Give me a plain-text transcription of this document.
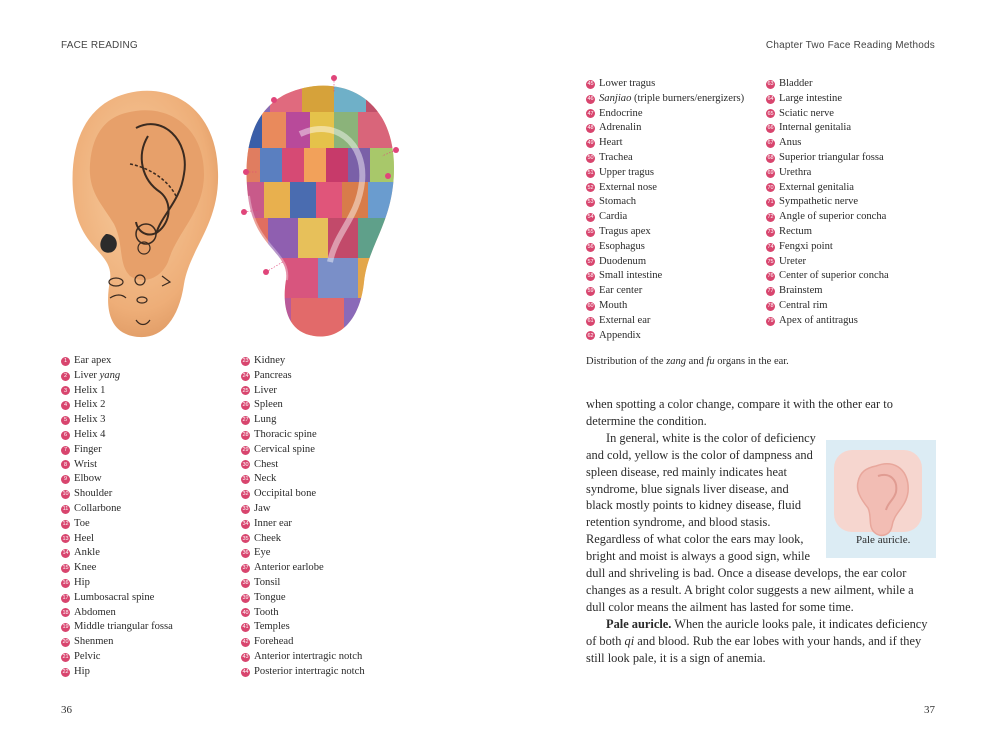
FACE READING	Chapter Two Face Reading Methods
1 Ear apex
2 Liver yang
3 Helix 1
4 Helix 2
5 Helix 3
6 Helix 4
7 Finger
8 Wrist
9 Elbow
10 Shoulder
11 Collarbone
12 Toe
13 Heel
14 Ankle
15 Knee
16 Hip
17 Lumbosacral spine
18 Abdomen
19 Middle triangular fossa
20 Shenmen
21 Pelvic
22 Hip
23 Kidney
24 Pancreas
25 Liver
26 Spleen
27 Lung
28 Thoracic spine
29 Cervical spine
30 Chest
31 Neck
32 Occipital bone
33 Jaw
34 Inner ear
35 Cheek
36 Eye
37 Anterior earlobe
38 Tonsil
39 Tongue
40 Tooth
41 Temples
42 Forehead
43 Anterior intertragic notch
44 Posterior intertragic notch
45 Lower tragus
46 Sanjiao (triple burners/energizers)
47 Endocrine
48 Adrenalin
49 Heart
50 Trachea
51 Upper tragus
52 External nose
53 Stomach
54 Cardia
55 Tragus apex
56 Esophagus
57 Duodenum
58 Small intestine
59 Ear center
60 Mouth
61 External ear
62 Appendix
63 Bladder
64 Large intestine
65 Sciatic nerve
66 Internal genitalia
67 Anus
68 Superior triangular fossa
69 Urethra
70 External genitalia
71 Sympathetic nerve
72 Angle of superior concha
73 Rectum
74 Fengxi point
75 Ureter
76 Center of superior concha
77 Brainstem
78 Central rim
79 Apex of antitragus
Distribution of the zang and fu organs in the ear.

when spotting a color change, compare it with the other ear to determine the condition.

Pale auricle.
In general, white is the color of deficiency and cold, yellow is the color of dampness and spleen disease, red mainly indicates heat syndrome, blue signals liver disease, and black mostly points to kidney disease, fluid retention syndrome, and blood stasis. Regardless of what color the ears may look, bright and moist is always a good sign, while dull and shriveling is bad. Once a disease develops, the ear color changes as a result. A bright color suggests a new ailment, while a dull color means the ailment has lasted for some time.

Pale auricle. When the auricle looks pale, it indicates deficiency of both qi and blood. Rub the ear lobes with your hands, and if they still look pale, it is a sign of anemia.

36	37
